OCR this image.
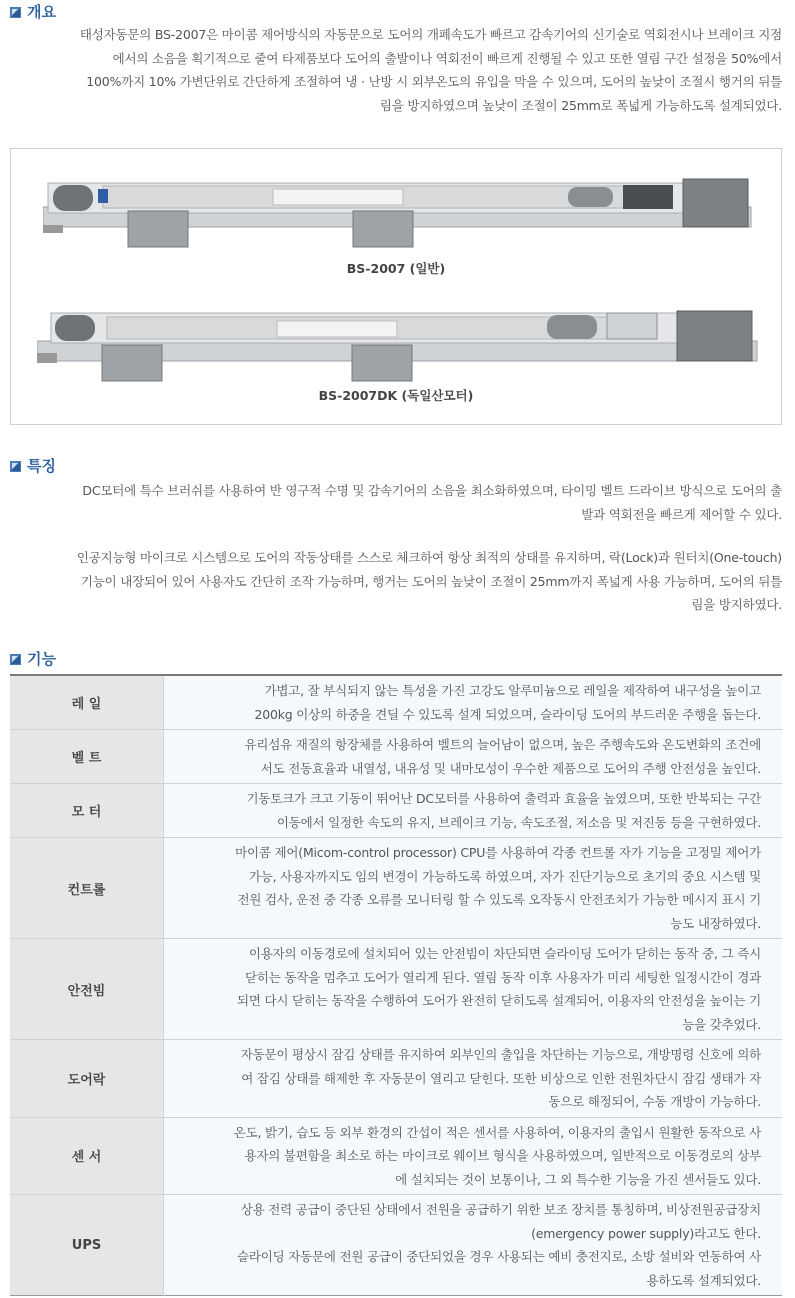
개요
태성자동문의 BS-2007은 마이콤 제어방식의 자동문으로 도어의 개폐속도가 빠르고 감속기어의 신기술로 역회전시나 브레이크 지점
에서의 소음을 획기적으로 줄여 타제품보다 도어의 출발이나 역회전이 빠르게 진행될 수 있고 또한 열림 구간 설정을 50%에서
100%까지 10% 가변단위로 간단하게 조절하여 냉 · 난방 시 외부온도의 유입을 막을 수 있으며, 도어의 높낮이 조절시 행거의 뒤틀
림을 방지하였으며 높낮이 조절이 25mm로 폭넓게 가능하도록 설계되었다.
BS-2007 (일반)
BS-2007DK (독일산모터)
특징
DC모터에 특수 브러쉬를 사용하여 반 영구적 수명 및 감속기어의 소음을 최소화하였으며, 타이밍 벨트 드라이브 방식으로 도어의 출
발과 역회전을 빠르게 제어할 수 있다.
인공지능형 마이크로 시스템으로 도어의 작동상태를 스스로 체크하여 항상 최적의 상태를 유지하며, 락(Lock)과 원터치(One-touch)
기능이 내장되어 있어 사용자도 간단히 조작 가능하며, 행거는 도어의 높낮이 조절이 25mm까지 폭넓게 사용 가능하며, 도어의 뒤틀
림을 방지하였다.
기능
레 일	가볍고, 잘 부식되지 않는 특성을 가진 고강도 알루미늄으로 레일을 제작하여 내구성을 높이고
200kg 이상의 하중을 견딜 수 있도록 설계 되었으며, 슬라이딩 도어의 부드러운 주행을 돕는다.

벨 트	유리섬유 재질의 항장체를 사용하여 벨트의 늘어남이 없으며, 높은 주행속도와 온도변화의 조건에
서도 전동효율과 내열성, 내유성 및 내마모성이 우수한 제품으로 도어의 주행 안전성을 높인다.

모 터	기동토크가 크고 기동이 뛰어난 DC모터를 사용하여 출력과 효율을 높였으며, 또한 반복되는 구간
이동에서 일정한 속도의 유지, 브레이크 기능, 속도조절, 저소음 및 저진동 등을 구현하였다.

컨트롤	마이콤 제어(Micom-control processor) CPU를 사용하여 각종 컨트롤 자가 기능을 고정밀 제어가
가능, 사용자까지도 임의 변경이 가능하도록 하였으며, 자가 진단기능으로 초기의 중요 시스템 및
전원 검사, 운전 중 각종 오류를 모니터링 할 수 있도록 오작동시 안전조치가 가능한 메시지 표시 기
능도 내장하였다.

안전빔	이용자의 이동경로에 설치되어 있는 안전빔이 차단되면 슬라이딩 도어가 닫히는 동작 중, 그 즉시
닫히는 동작을 멈추고 도어가 열리게 된다. 열림 동작 이후 사용자가 미리 세팅한 일정시간이 경과
되면 다시 닫히는 동작을 수행하여 도어가 완전히 닫히도록 설계되어, 이용자의 안전성을 높이는 기
능을 갖추었다.

도어락	자동문이 평상시 잠김 상태를 유지하여 외부인의 출입을 차단하는 기능으로, 개방명령 신호에 의하
여 잠김 상태를 해제한 후 자동문이 열리고 닫힌다. 또한 비상으로 인한 전원차단시 잠김 생태가 자
동으로 해정되어, 수동 개방이 가능하다.

센 서	온도, 밝기, 습도 등 외부 환경의 간섭이 적은 센서를 사용하여, 이용자의 출입시 원활한 동작으로 사
용자의 불편함을 최소로 하는 마이크로 웨이브 형식을 사용하였으며, 일반적으로 이동경로의 상부
에 설치되는 것이 보통이나, 그 외 특수한 기능을 가진 센서들도 있다.

UPS	상용 전력 공급이 중단된 상태에서 전원을 공급하기 위한 보조 장치를 통칭하며, 비상전원공급장치
(emergency power supply)라고도 한다.
슬라이딩 자동문에 전원 공급이 중단되었을 경우 사용되는 예비 충전지로, 소방 설비와 연동하여 사
용하도록 설계되었다.
